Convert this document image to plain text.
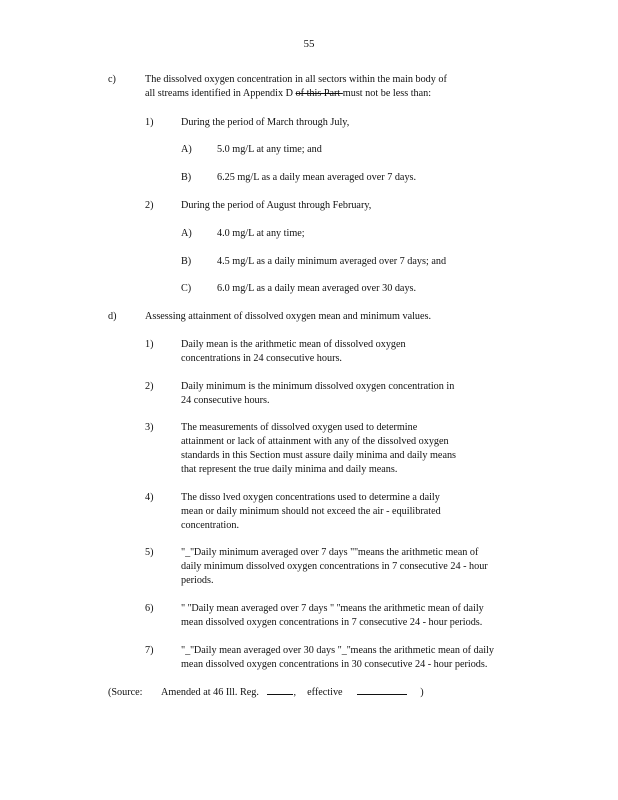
55
c)	The dissolved oxygen concentration in all sectors within the main body of
all streams identified in Appendix D of this Part must not be less than:
1)	During the period of March through July,
A) 5.0 mg/L at any time; and
B)	6.25 mg/L as a daily mean averaged over 7 days.
2)	During the period of August through February,
A) 4.0 mg/L at any time;
B)	4.5 mg/L as a daily minimum averaged over 7 days; and
C)	6.0 mg/L as a daily mean averaged over 30 days.
d)	Assessing attainment of dissolved oxygen mean and minimum values.
1)	Daily mean is the arithmetic mean of dissolved oxygen
concentrations in 24 consecutive hours.
2)	Daily minimum is the minimum dissolved oxygen concentration in
24 consecutive hours.
3)	The measurements of dissolved oxygen used to determine
attainment or lack of attainment with any of the dissolved oxygen
standards in this Section must assure daily minima and daily means
that represent the true daily minima and daily means.
4)	The disso lved oxygen concentrations used to determine a daily
mean or daily minimum should not exceed the air - equilibrated
concentration.
5)	"_''Daily minimum averaged over 7 days "''means the arithmetic mean of
daily minimum dissolved oxygen concentrations in 7 consecutive 24 - hour
periods.
6)	" ''Daily mean averaged over 7 days " ''means the arithmetic mean of daily
mean dissolved oxygen concentrations in 7 consecutive 24 - hour periods.
7)	"_''Daily mean averaged over 30 days "_''means the arithmetic mean of daily
mean dissolved oxygen concentrations in 30 consecutive 24 - hour periods.
(Source: Amended at 46 Ill. Reg.	, effective	)
